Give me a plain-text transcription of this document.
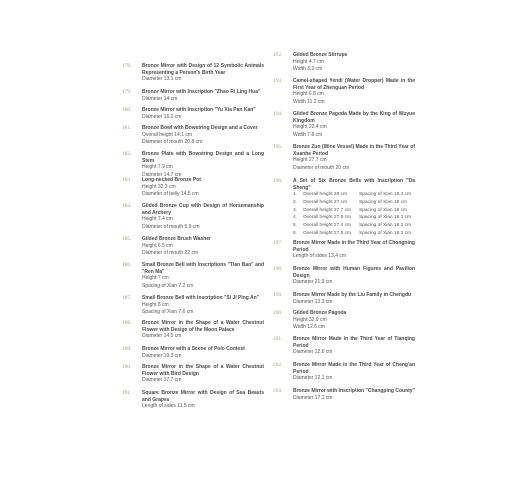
178. Bronze Mirror with Design of 12 Symbolic Animals Representing a Person's Birth Year
Diameter 13.1 cm
179. Bronze Mirror with Inscription "Zhao Ri Ling Hua"
Diameter 14 cm
180. Bronze Mirror with Inscription "Yu Xia Pan Kan"
Diameter 16.2 cm
181. Bronze Bowl with Bowstring Design and a Cover
Overall height 14.1 cm
Diameter of mouth 20.8 cm
182. Bronze Plate with Bowstring Design and a Long Stem
Height 7.9 cm
Diameter 14.7 cm
183. Long-necked Bronze Pot
Height 32.3 cm
Diameter of belly 14.5 cm
184. Gilded Bronze Cup with Design of Horsemanship and Archery
Height 7.4 cm
Diameter of mouth 5.9 cm
185. Gilded Bronze Brush Washer
Height 6.5 cm
Diameter of mouth 22 cm
186. Small Bronze Bell with Inscriptions "Tian Bao" and "Ren Ma"
Height 7 cm
Spacing of Xian 7.2 cm
187. Small Bronze Bell with Inscription "Si Ji Ping An"
Height 8 cm
Spacing of Xian 7.6 cm
188. Bronze Mirror in the Shape of a Water Chestnut Flower with Design of the Moon Palace
Diameter 14.5 cm
189. Bronze Mirror with a Scene of Polo Contest
Diameter 19.3 cm
190. Bronze Mirror in the Shape of a Water Chestnut Flower with Bird Design
Diameter 17.7 cm
191. Square Bronze Mirror with Design of Sea Beasts and Grapes
Length of sides 11.5 cm
192. Gilded Bronze Stirrups
Height 4.7 cm
Width 3.3 cm
193. Camel-shaped Yendi (Water Dropper) Made in the First Year of Zhenguan Period
Height 6.8 cm
Width 11.2 cm
194. Gilded Bronze Pagoda Made by the King of Wuyue Kingdom
Height 22.4 cm
Width 7.8 cm
195. Bronze Zun (Wine Vessel) Made in the Third Year of Xuanhe Period
Height 27.7 cm
Diameter of mouth 20 cm
196. A Set of Six Bronze Bells with Inscription "Da Sheng"
1. Overall height 28 cm	Spacing of Xian 18.4 cm
2. Overall height 27 cm	Spacing of Xian 18 cm
3. Overall height 27.7 cm Spacing of Xian 18 cm
4. Overall height 27.5 cm Spacing of Xian 18.1 cm
5. Overall height 27.4 cm Spacing of Xian 18.2 cm
6. Overall height 27.5 cm Spacing of Xian 18.2 cm
197. Bronze Mirror Made in the Third Year of Chongning Period
Length of sides 13.4 cm
198. Bronze Mirror with Human Figures and Pavilion Design
Diameter 21.9 cm
199. Bronze Mirror Made by the Liu Family in Chengdu
Diameter 13.3 cm
200. Gilded Bronze Pagoda
Height 32.9 cm
Width 12.6 cm
201. Bronze Mirror Made in the Third Year of Tianqing Period
Diameter 12.6 cm
202. Bronze Mirror Made in the Third Year of Cheng'an Period
Diameter 12.1 cm
203. Bronze Mirror with Inscription "Changping County"
Diameter 17.1 cm
